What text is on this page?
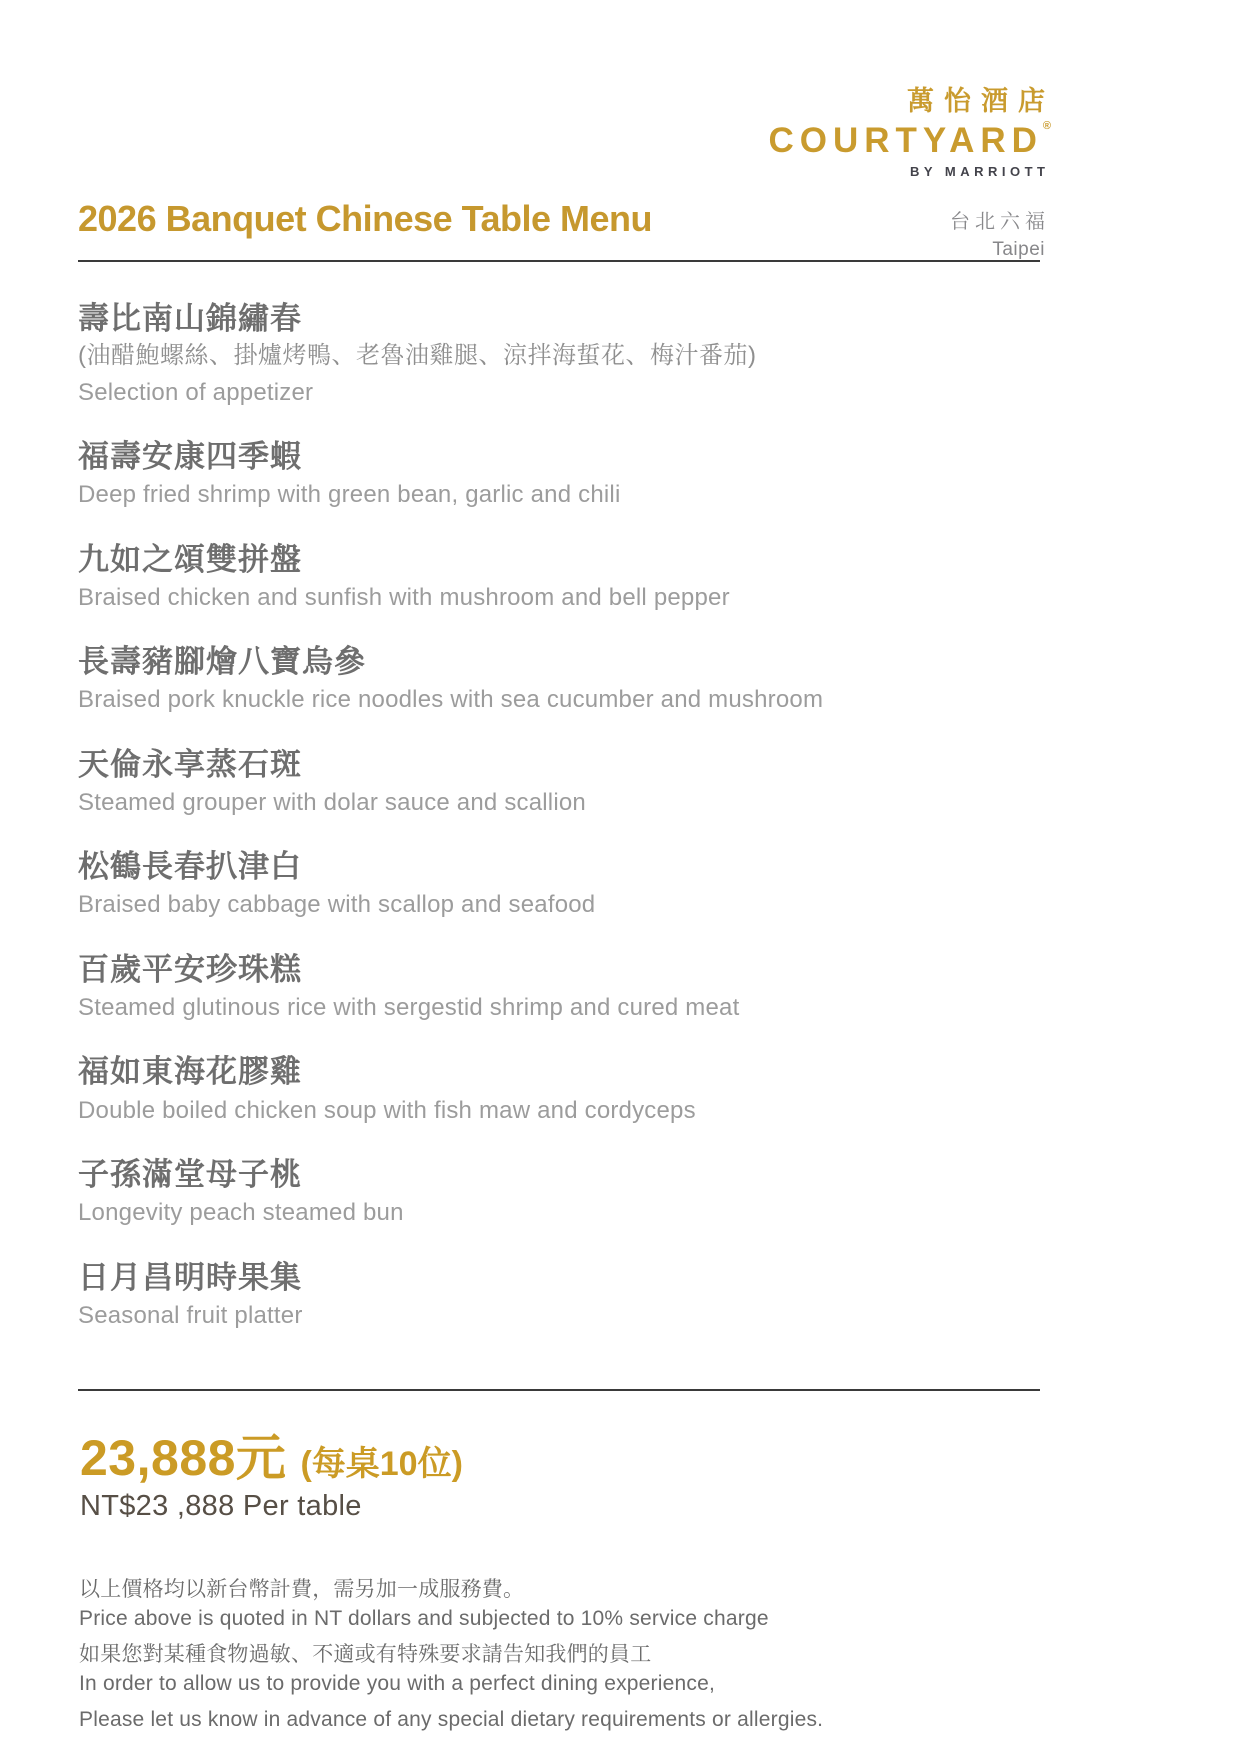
萬怡酒店
COURTYARD®
BY MARRIOTT
台北六福
Taipei
2026 Banquet Chinese Table Menu
壽比南山錦繡春
(油醋鮑螺絲、掛爐烤鴨、老魯油雞腿、涼拌海蜇花、梅汁番茄)
Selection of appetizer
福壽安康四季蝦
Deep fried shrimp with green bean, garlic and chili
九如之頌雙拼盤
Braised chicken and sunfish with mushroom and bell pepper
長壽豬腳燴八寶烏參
Braised pork knuckle rice noodles with sea cucumber and mushroom
天倫永享蒸石斑
Steamed grouper with dolar sauce and scallion
松鶴長春扒津白
Braised baby cabbage with scallop and seafood
百歲平安珍珠糕
Steamed glutinous rice with sergestid shrimp and cured meat
福如東海花膠雞
Double boiled chicken soup with fish maw and cordyceps
子孫滿堂母子桃
Longevity peach steamed bun
日月昌明時果集
Seasonal fruit platter
23,888元 (每桌10位)
NT$23 ,888 Per table
以上價格均以新台幣計費，需另加一成服務費。
Price above is quoted in NT dollars and subjected to 10% service charge
如果您對某種食物過敏、不適或有特殊要求請告知我們的員工
In order to allow us to provide you with a perfect dining experience,
Please let us know in advance of any special dietary requirements or allergies.
